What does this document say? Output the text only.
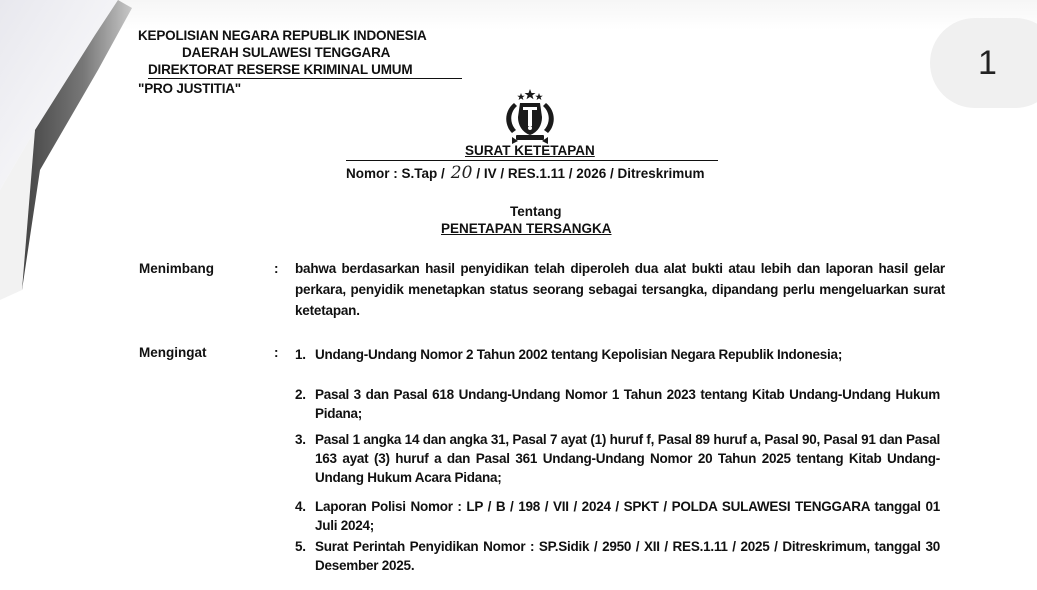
1
KEPOLISIAN NEGARA REPUBLIK INDONESIA
DAERAH SULAWESI TENGGARA
DIREKTORAT RESERSE KRIMINAL UMUM
"PRO JUSTITIA"
SURAT KETETAPAN
Nomor : S.Tap / 20 / IV / RES.1.11 / 2026 / Ditreskrimum
Tentang
PENETAPAN TERSANGKA
Menimbang	: bahwa berdasarkan hasil penyidikan telah diperoleh dua alat bukti atau lebih dan laporan hasil gelar perkara, penyidik menetapkan status seorang sebagai tersangka, dipandang perlu mengeluarkan surat ketetapan.
Mengingat	: 1. Undang-Undang Nomor 2 Tahun 2002 tentang Kepolisian Negara Republik Indonesia;
2. Pasal 3 dan Pasal 618 Undang-Undang Nomor 1 Tahun 2023 tentang Kitab Undang-Undang Hukum Pidana;
3. Pasal 1 angka 14 dan angka 31, Pasal 7 ayat (1) huruf f, Pasal 89 huruf a, Pasal 90, Pasal 91 dan Pasal 163 ayat (3) huruf a dan Pasal 361 Undang-Undang Nomor 20 Tahun 2025 tentang Kitab Undang-Undang Hukum Acara Pidana;
4. Laporan Polisi Nomor : LP / B / 198 / VII / 2024 / SPKT / POLDA SULAWESI TENGGARA tanggal 01 Juli 2024;
5. Surat Perintah Penyidikan Nomor : SP.Sidik / 2950 / XII / RES.1.11 / 2025 / Ditreskrimum, tanggal 30 Desember 2025.
